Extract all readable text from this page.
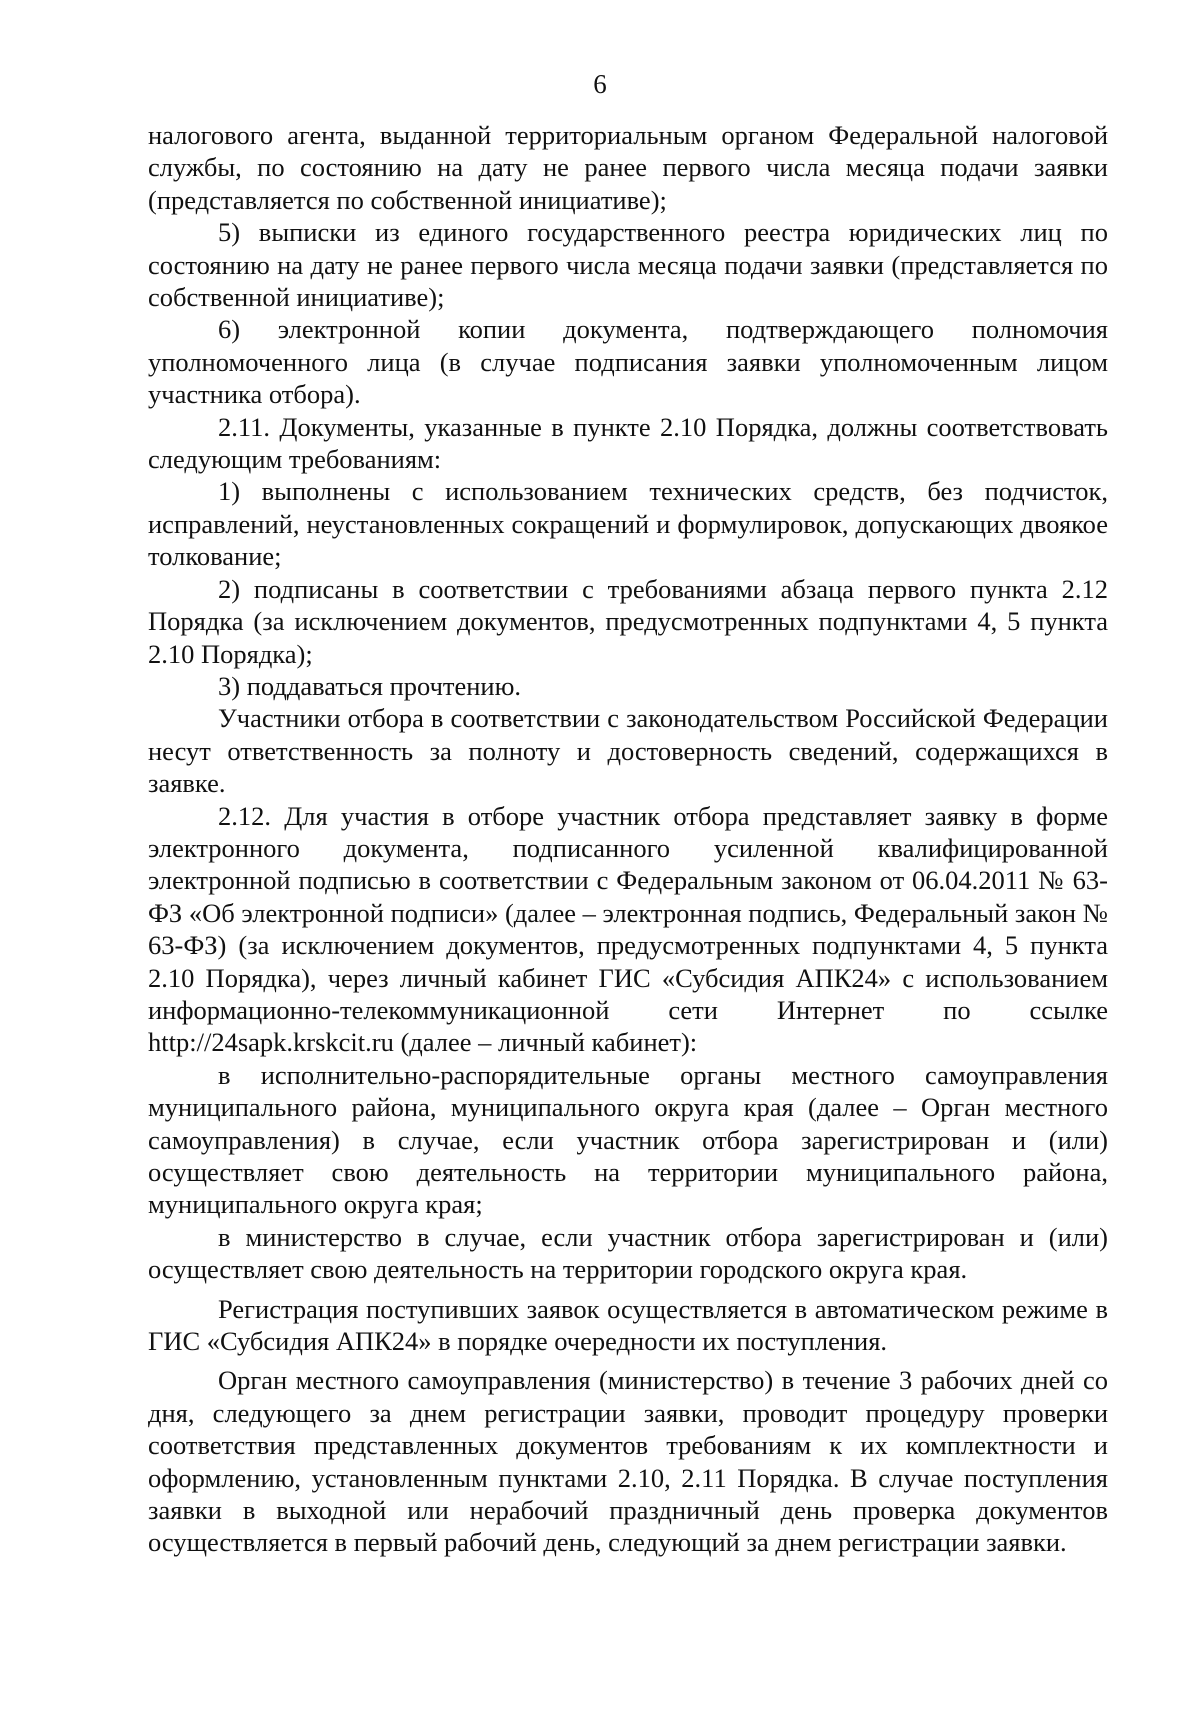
6

налогового агента, выданной территориальным органом Федеральной налоговой службы, по состоянию на дату не ранее первого числа месяца подачи заявки (представляется по собственной инициативе);

5) выписки из единого государственного реестра юридических лиц по состоянию на дату не ранее первого числа месяца подачи заявки (представляется по собственной инициативе);

6) электронной копии документа, подтверждающего полномочия уполномоченного лица (в случае подписания заявки уполномоченным лицом участника отбора).

2.11. Документы, указанные в пункте 2.10 Порядка, должны соответствовать следующим требованиям:

1) выполнены с использованием технических средств, без подчисток, исправлений, неустановленных сокращений и формулировок, допускающих двоякое толкование;

2) подписаны в соответствии с требованиями абзаца первого пункта 2.12 Порядка (за исключением документов, предусмотренных подпунктами 4, 5 пункта 2.10 Порядка);

3) поддаваться прочтению.

Участники отбора в соответствии с законодательством Российской Федерации несут ответственность за полноту и достоверность сведений, содержащихся в заявке.

2.12. Для участия в отборе участник отбора представляет заявку в форме электронного документа, подписанного усиленной квалифицированной электронной подписью в соответствии с Федеральным законом от 06.04.2011 № 63-ФЗ «Об электронной подписи» (далее – электронная подпись, Федеральный закон № 63-ФЗ) (за исключением документов, предусмотренных подпунктами 4, 5 пункта 2.10 Порядка), через личный кабинет ГИС «Субсидия АПК24» с использованием информационно-телекоммуникационной сети Интернет по ссылке http://24sapk.krskcit.ru (далее – личный кабинет):

в исполнительно-распорядительные органы местного самоуправления муниципального района, муниципального округа края (далее – Орган местного самоуправления) в случае, если участник отбора зарегистрирован и (или) осуществляет свою деятельность на территории муниципального района, муниципального округа края;

в министерство в случае, если участник отбора зарегистрирован и (или) осуществляет свою деятельность на территории городского округа края.

Регистрация поступивших заявок осуществляется в автоматическом режиме в ГИС «Субсидия АПК24» в порядке очередности их поступления.

Орган местного самоуправления (министерство) в течение 3 рабочих дней со дня, следующего за днем регистрации заявки, проводит процедуру проверки соответствия представленных документов требованиям к их комплектности и оформлению, установленным пунктами 2.10, 2.11 Порядка. В случае поступления заявки в выходной или нерабочий праздничный день проверка документов осуществляется в первый рабочий день, следующий за днем регистрации заявки.
